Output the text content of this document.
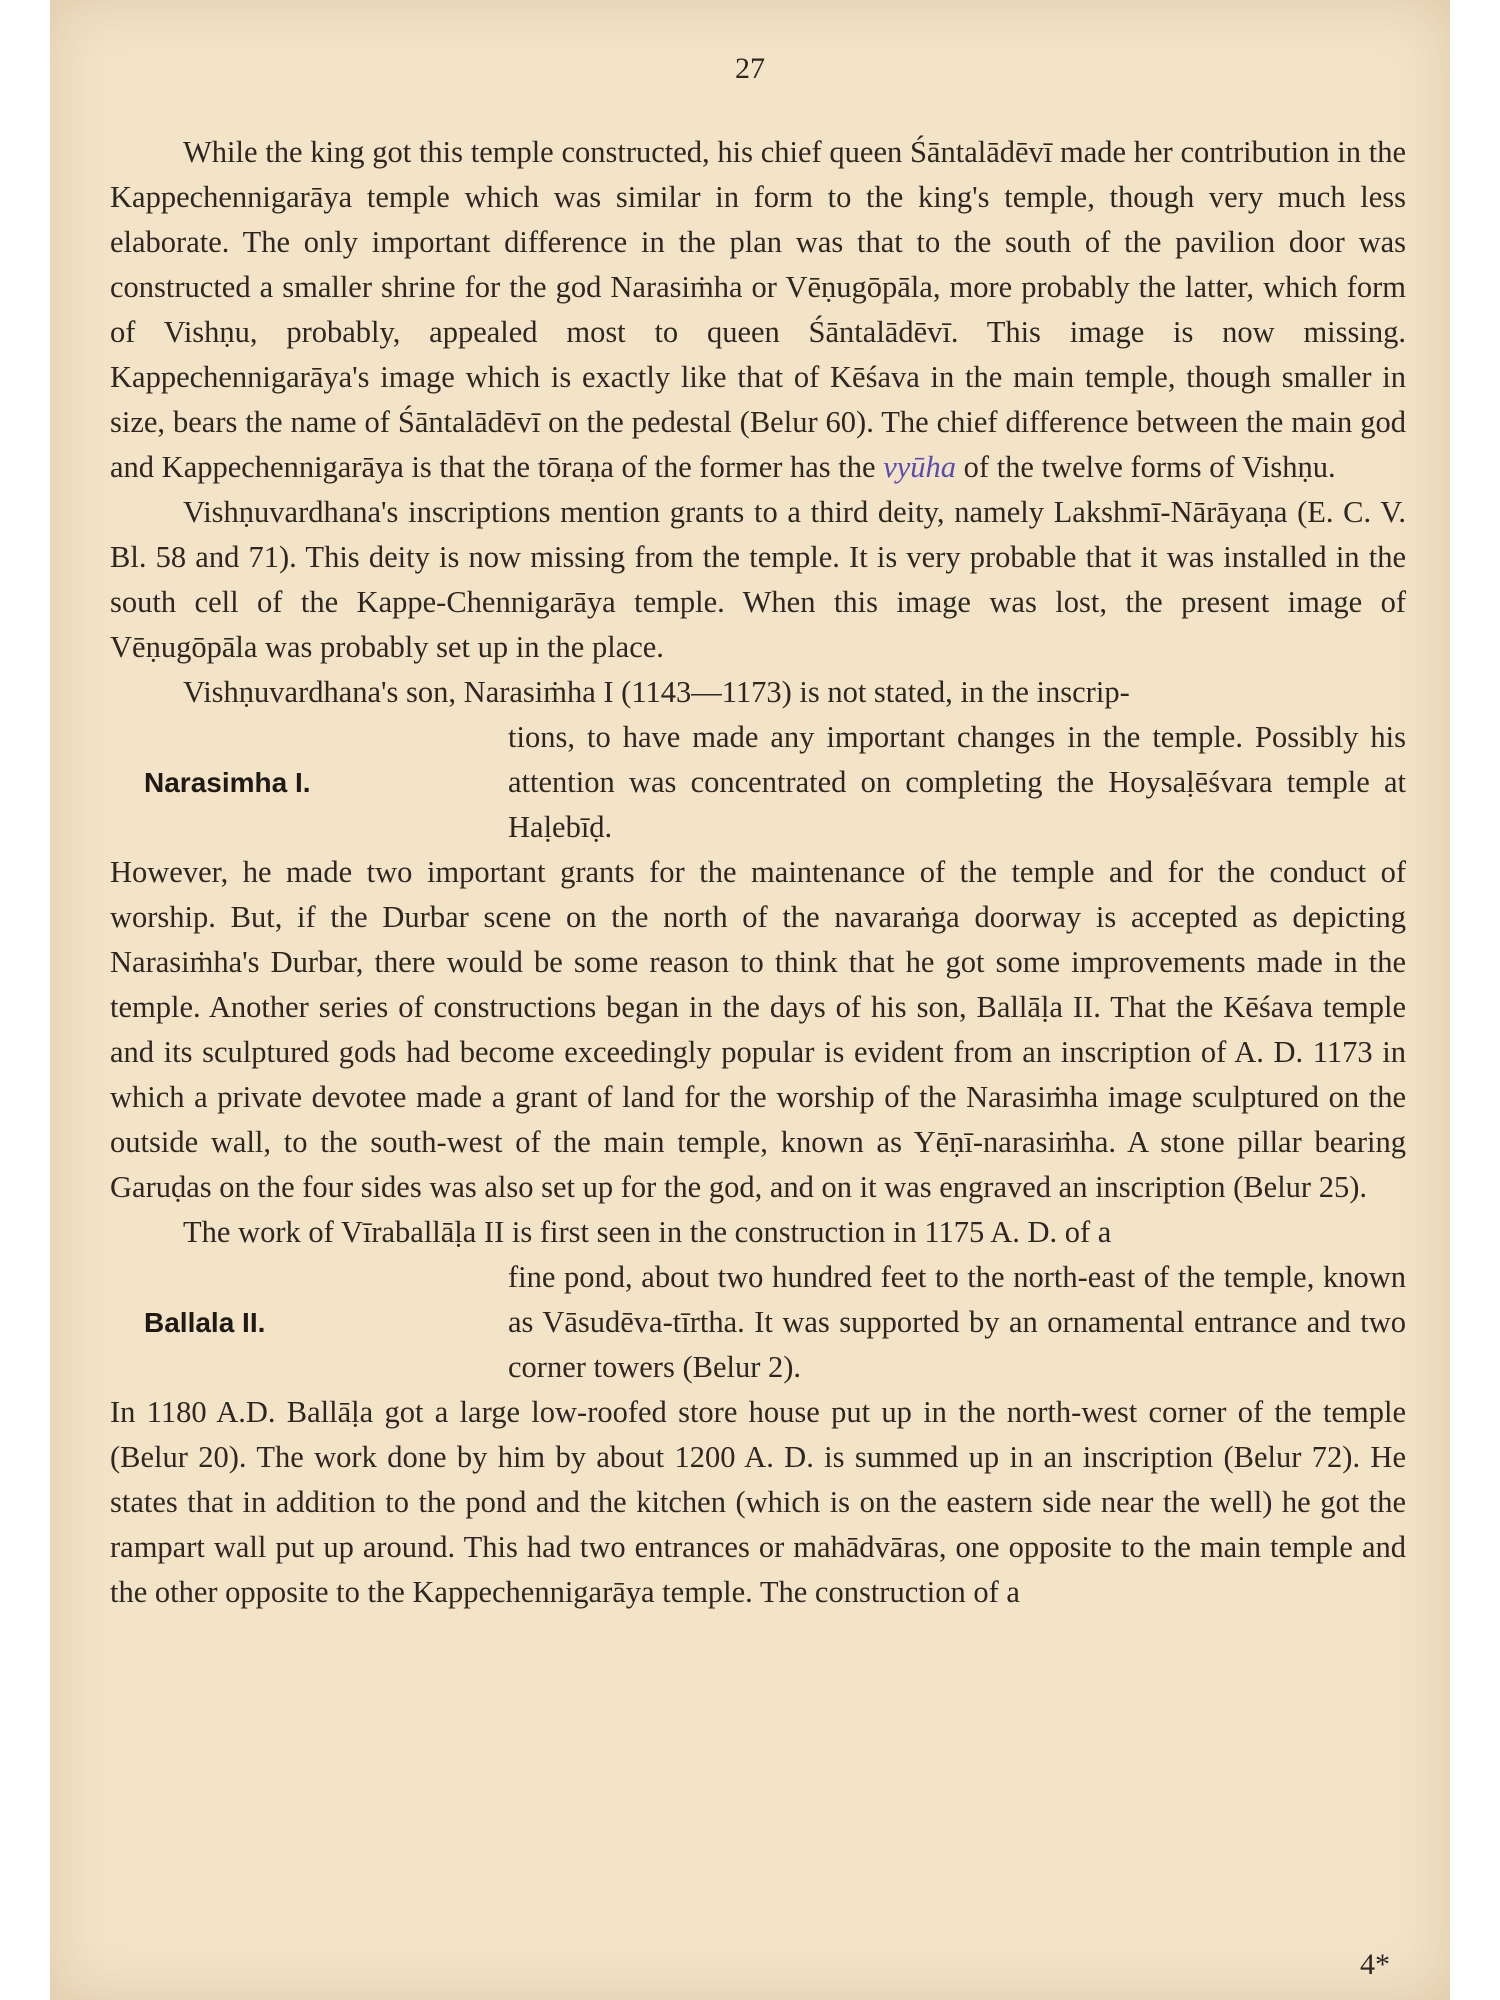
27

While the king got this temple constructed, his chief queen Śāntalādēvī made her contribution in the Kappechennigarāya temple which was similar in form to the king's temple, though very much less elaborate. The only important difference in the plan was that to the south of the pavilion door was constructed a smaller shrine for the god Narasiṁha or Vēṇugōpāla, more probably the latter, which form of Vishṇu, probably, appealed most to queen Śāntalādēvī. This image is now missing. Kappechennigarāya's image which is exactly like that of Kēśava in the main temple, though smaller in size, bears the name of Śāntalādēvī on the pedestal (Belur 60). The chief difference between the main god and Kappechennigarāya is that the tōraṇa of the former has the vyūha of the twelve forms of Vishṇu.

Vishṇuvardhana's inscriptions mention grants to a third deity, namely Lakshmī-Nārāyaṇa (E. C. V. Bl. 58 and 71). This deity is now missing from the temple. It is very probable that it was installed in the south cell of the Kappe-Chennigarāya temple. When this image was lost, the present image of Vēṇugōpāla was probably set up in the place.

Vishṇuvardhana's son, Narasiṁha I (1143—1173) is not stated, in the inscrip-

Narasimha I.

tions, to have made any important changes in the temple. Possibly his attention was concentrated on completing the Hoysaḷēśvara temple at Haḷebīḍ.

However, he made two important grants for the maintenance of the temple and for the conduct of worship. But, if the Durbar scene on the north of the navaraṅga doorway is accepted as depicting Narasiṁha's Durbar, there would be some reason to think that he got some improvements made in the temple. Another series of constructions began in the days of his son, Ballāḷa II. That the Kēśava temple and its sculptured gods had become exceedingly popular is evident from an inscription of A. D. 1173 in which a private devotee made a grant of land for the worship of the Narasiṁha image sculptured on the outside wall, to the south-west of the main temple, known as Yēṇī-narasiṁha. A stone pillar bearing Garuḍas on the four sides was also set up for the god, and on it was engraved an inscription (Belur 25).

The work of Vīraballāḷa II is first seen in the construction in 1175 A. D. of a

Ballala II.

fine pond, about two hundred feet to the north-east of the temple, known as Vāsudēva-tīrtha. It was supported by an ornamental entrance and two corner towers (Belur 2).

In 1180 A.D. Ballāḷa got a large low-roofed store house put up in the north-west corner of the temple (Belur 20). The work done by him by about 1200 A. D. is summed up in an inscription (Belur 72). He states that in addition to the pond and the kitchen (which is on the eastern side near the well) he got the rampart wall put up around. This had two entrances or mahādvāras, one opposite to the main temple and the other opposite to the Kappechennigarāya temple. The construction of a

4*
